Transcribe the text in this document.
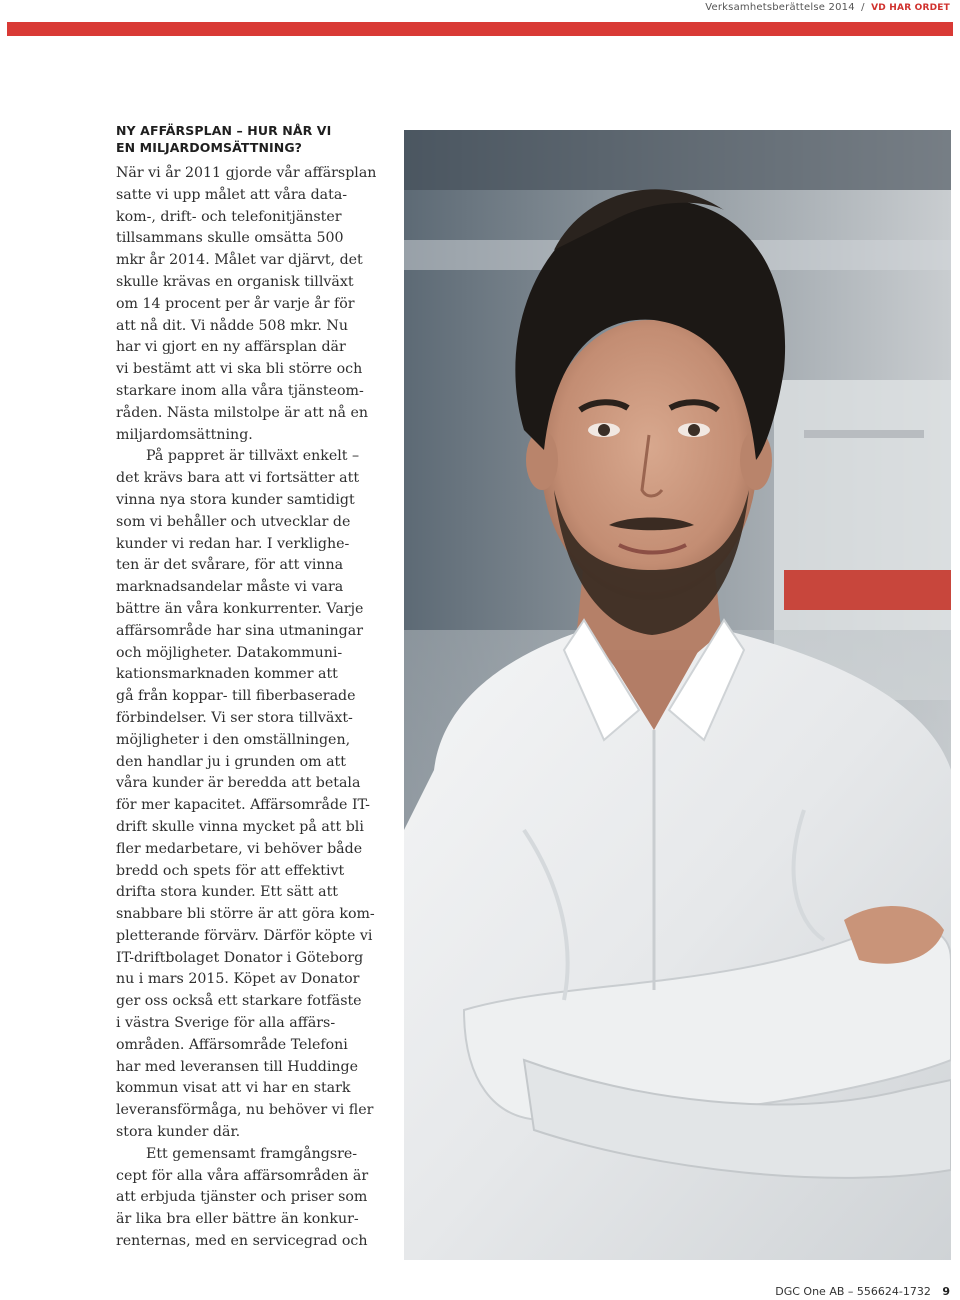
Verksamhetsberättelse 2014 / VD HAR ORDET
NY AFFÄRSPLAN – HUR NÅR VI
EN MILJARDOMSÄTTNING?
När vi år 2011 gjorde vår affärsplan
satte vi upp målet att våra data-
kom-, drift- och telefonitjänster
tillsammans skulle omsätta 500
mkr år 2014. Målet var djärvt, det
skulle krävas en organisk tillväxt
om 14 procent per år varje år för
att nå dit. Vi nådde 508 mkr. Nu
har vi gjort en ny affärsplan där
vi bestämt att vi ska bli större och
starkare inom alla våra tjänsteom-
råden. Nästa milstolpe är att nå en
miljardomsättning.
På pappret är tillväxt enkelt –
det krävs bara att vi fortsätter att
vinna nya stora kunder samtidigt
som vi behåller och utvecklar de
kunder vi redan har. I verklighe-
ten är det svårare, för att vinna
marknadsandelar måste vi vara
bättre än våra konkurrenter. Varje
affärsområde har sina utmaningar
och möjligheter. Datakommuni-
kationsmarknaden kommer att
gå från koppar- till fiberbaserade
förbindelser. Vi ser stora tillväxt-
möjligheter i den omställningen,
den handlar ju i grunden om att
våra kunder är beredda att betala
för mer kapacitet. Affärsområde IT-
drift skulle vinna mycket på att bli
fler medarbetare, vi behöver både
bredd och spets för att effektivt
drifta stora kunder. Ett sätt att
snabbare bli större är att göra kom-
pletterande förvärv. Därför köpte vi
IT-driftbolaget Donator i Göteborg
nu i mars 2015. Köpet av Donator
ger oss också ett starkare fotfäste
i västra Sverige för alla affärs-
områden. Affärsområde Telefoni
har med leveransen till Huddinge
kommun visat att vi har en stark
leveransförmåga, nu behöver vi fler
stora kunder där.
Ett gemensamt framgångsre-
cept för alla våra affärsområden är
att erbjuda tjänster och priser som
är lika bra eller bättre än konkur-
renternas, med en servicegrad och
DGC One AB – 556624-1732 9
